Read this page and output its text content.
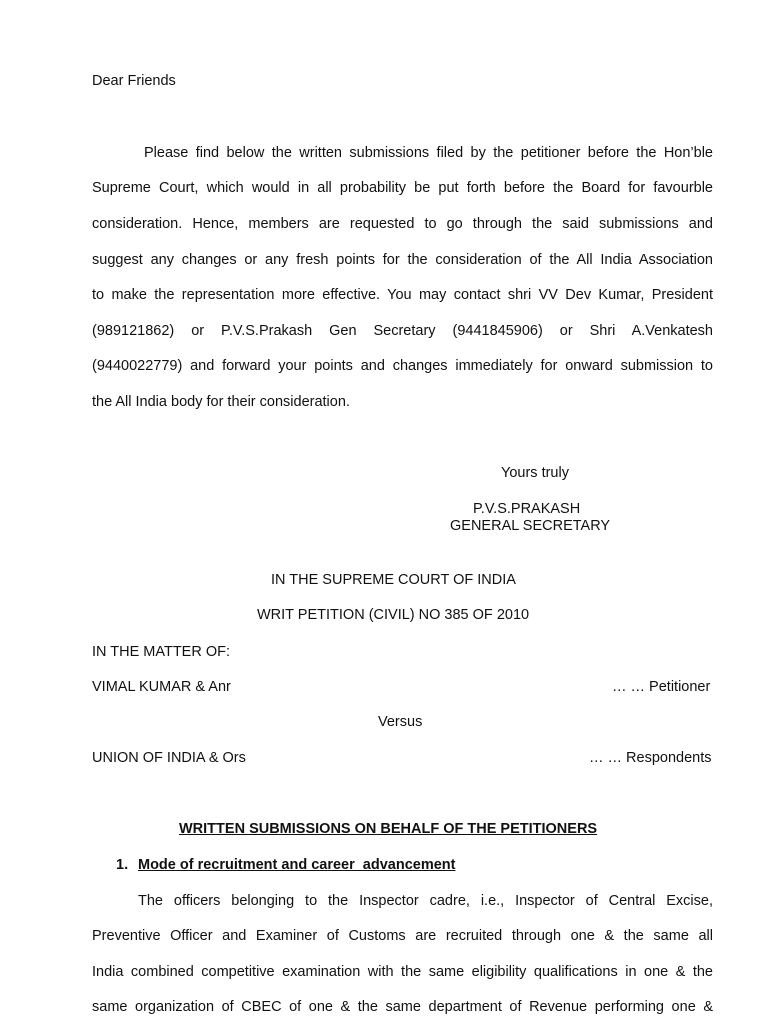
Dear Friends
Please find below the written submissions filed by the petitioner before the Hon’ble
Supreme Court, which would in all probability be put forth before the Board for favourble
consideration. Hence, members are requested to go through the said submissions and
suggest any changes or any fresh points for the consideration of the All India Association
to make the representation more effective. You may contact shri VV Dev Kumar, President
(989121862) or P.V.S.Prakash Gen Secretary (9441845906) or Shri A.Venkatesh
(9440022779) and forward your points and changes immediately for onward submission to
the All India body for their consideration.
Yours truly
P.V.S.PRAKASH
GENERAL SECRETARY
IN THE SUPREME COURT OF INDIA
WRIT PETITION (CIVIL) NO 385 OF 2010
IN THE MATTER OF:
VIMAL KUMAR & Anr	… … Petitioner
Versus
UNION OF INDIA & Ors	… … Respondents
WRITTEN SUBMISSIONS ON BEHALF OF THE PETITIONERS
1. Mode of recruitment and career  advancement
The officers belonging to the Inspector cadre, i.e., Inspector of Central Excise,
Preventive Officer and Examiner of Customs are recruited through one & the same all
India combined competitive examination with the same eligibility qualifications in one & the
same organization of CBEC of one & the same department of Revenue performing one &
